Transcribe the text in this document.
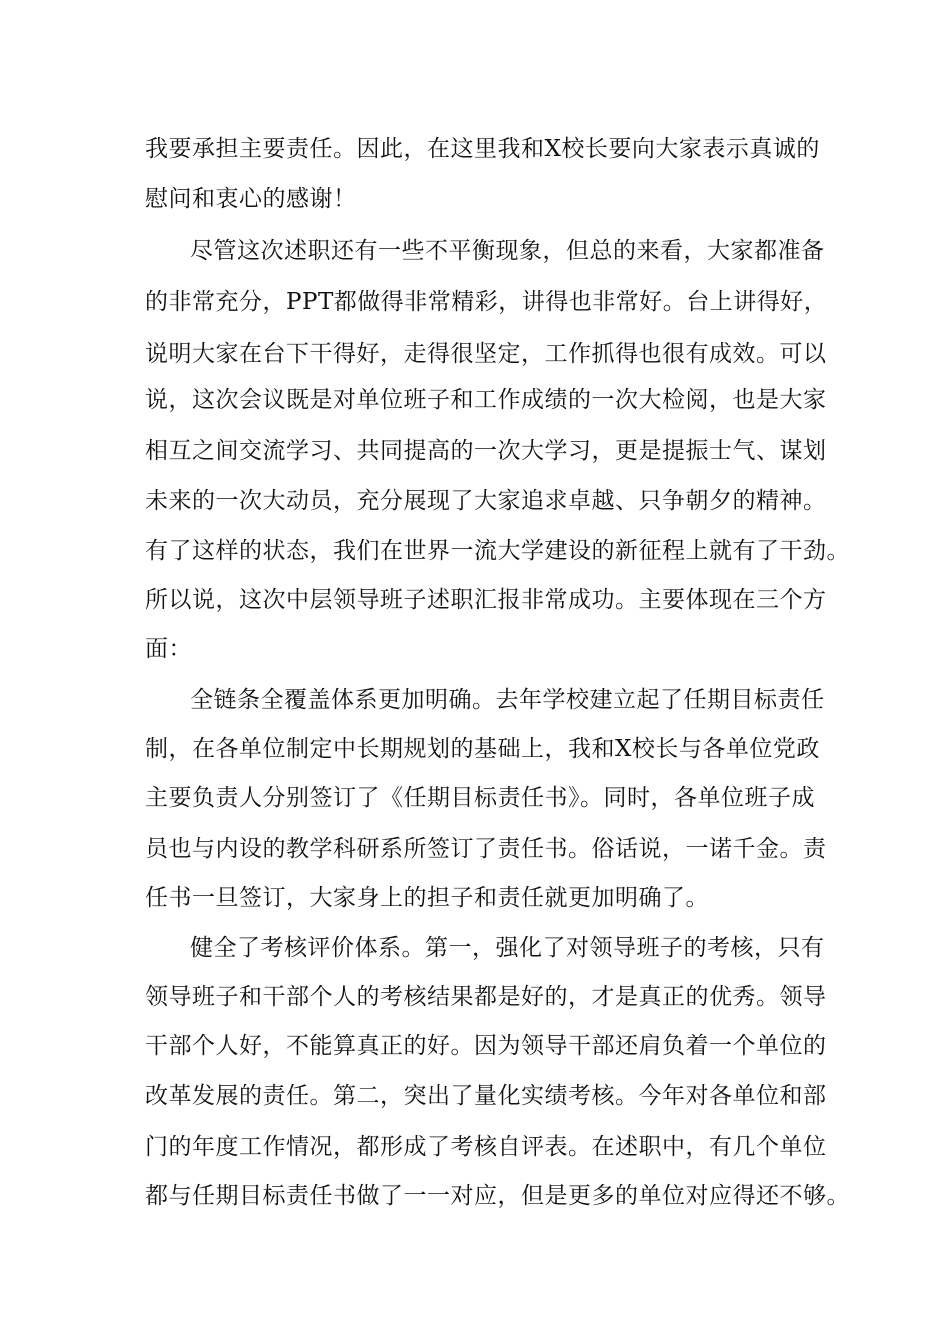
我要承担主要责任。因此，在这里我和X校长要向大家表示真诚的
慰问和衷心的感谢！
尽管这次述职还有一些不平衡现象，但总的来看，大家都准备
的非常充分，PPT都做得非常精彩，讲得也非常好。台上讲得好，
说明大家在台下干得好，走得很坚定，工作抓得也很有成效。可以
说，这次会议既是对单位班子和工作成绩的一次大检阅，也是大家
相互之间交流学习、共同提高的一次大学习，更是提振士气、谋划
未来的一次大动员，充分展现了大家追求卓越、只争朝夕的精神。
有了这样的状态，我们在世界一流大学建设的新征程上就有了干劲。
所以说，这次中层领导班子述职汇报非常成功。主要体现在三个方
面：
全链条全覆盖体系更加明确。去年学校建立起了任期目标责任
制，在各单位制定中长期规划的基础上，我和X校长与各单位党政
主要负责人分别签订了《任期目标责任书》。同时，各单位班子成
员也与内设的教学科研系所签订了责任书。俗话说，一诺千金。责
任书一旦签订，大家身上的担子和责任就更加明确了。
健全了考核评价体系。第一，强化了对领导班子的考核，只有
领导班子和干部个人的考核结果都是好的，才是真正的优秀。领导
干部个人好，不能算真正的好。因为领导干部还肩负着一个单位的
改革发展的责任。第二，突出了量化实绩考核。今年对各单位和部
门的年度工作情况，都形成了考核自评表。在述职中，有几个单位
都与任期目标责任书做了一一对应，但是更多的单位对应得还不够。
